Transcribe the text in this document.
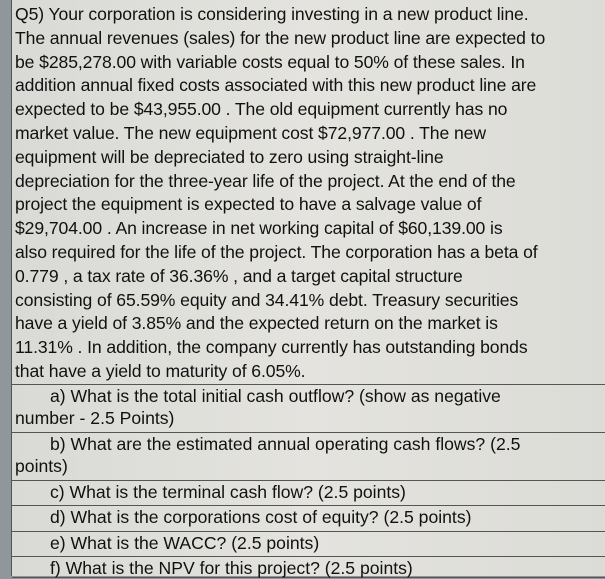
Q5) Your corporation is considering investing in a new product line.
The annual revenues (sales) for the new product line are expected to
be $285,278.00 with variable costs equal to 50% of these sales. In
addition annual fixed costs associated with this new product line are
expected to be $43,955.00 . The old equipment currently has no
market value. The new equipment cost $72,977.00 . The new
equipment will be depreciated to zero using straight-line
depreciation for the three-year life of the project. At the end of the
project the equipment is expected to have a salvage value of
$29,704.00 . An increase in net working capital of $60,139.00 is
also required for the life of the project. The corporation has a beta of
0.779 , a tax rate of 36.36% , and a target capital structure
consisting of 65.59% equity and 34.41% debt. Treasury securities
have a yield of 3.85% and the expected return on the market is
11.31% . In addition, the company currently has outstanding bonds
that have a yield to maturity of 6.05%.
a) What is the total initial cash outflow? (show as negative
number - 2.5 Points)
b) What are the estimated annual operating cash flows? (2.5
points)
c) What is the terminal cash flow? (2.5 points)
d) What is the corporations cost of equity? (2.5 points)
e) What is the WACC? (2.5 points)
f) What is the NPV for this project? (2.5 points)
